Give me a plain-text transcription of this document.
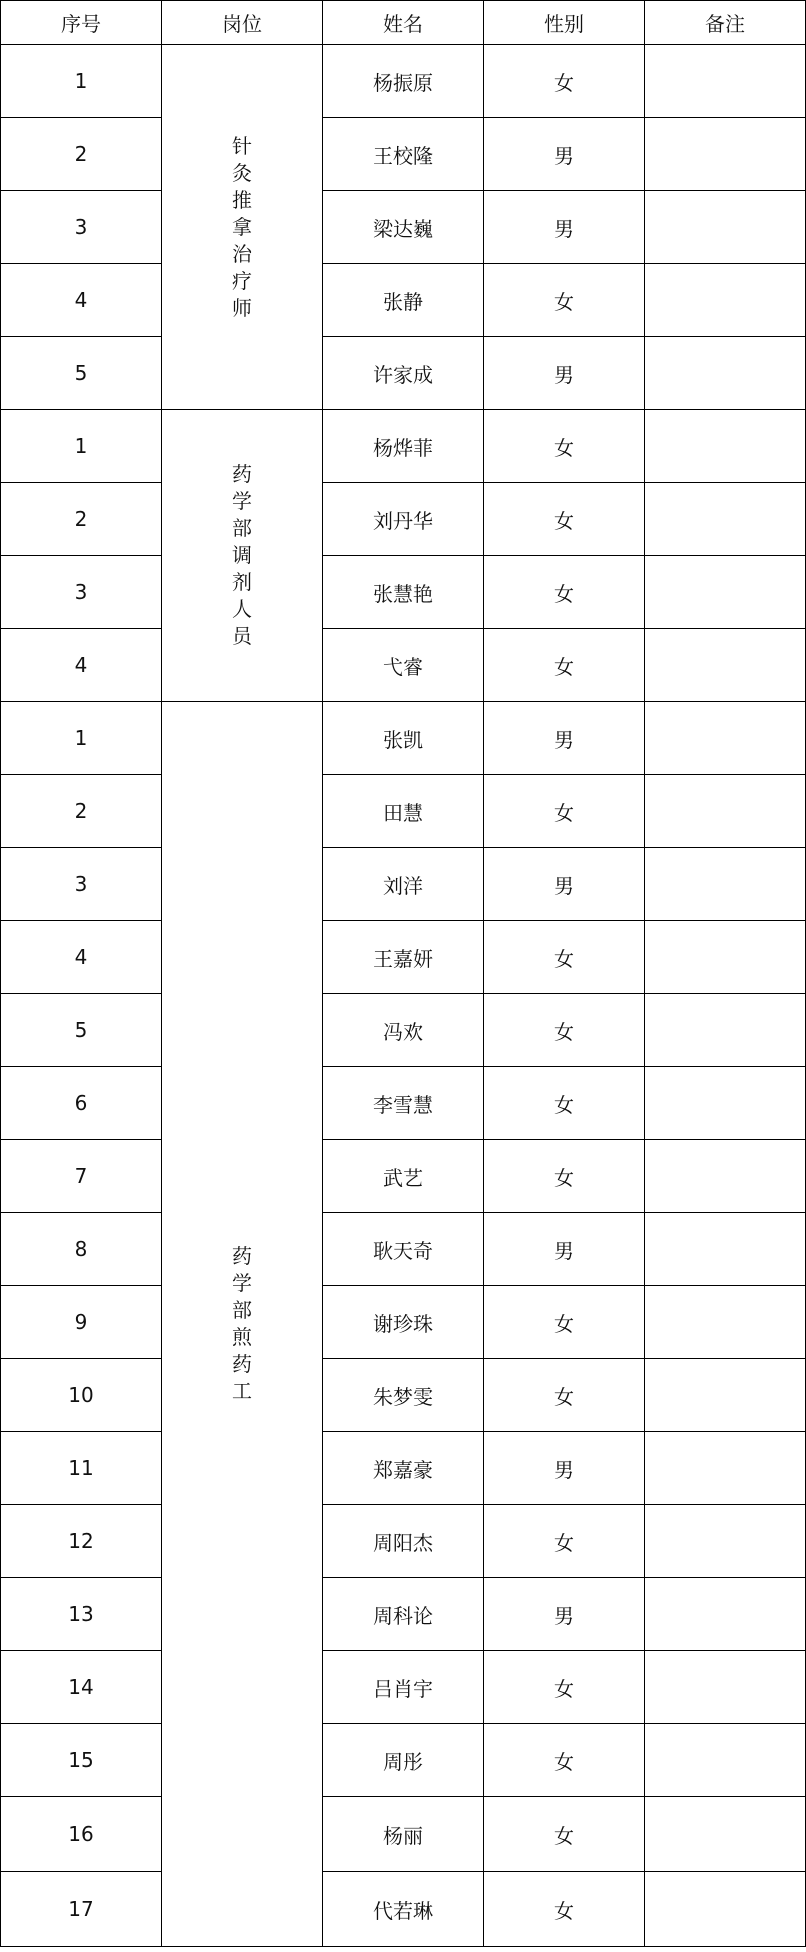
序号	岗位	姓名	性别	备注
1	针灸推拿治疗师	杨振原	女	
2		王校隆	男	
3		梁达巍	男	
4		张静	女	
5		许家成	男	
1	药学部调剂人员	杨烨菲	女	
2		刘丹华	女	
3		张慧艳	女	
4		弋睿	女	
1	药学部煎药工	张凯	男	
2		田慧	女	
3		刘洋	男	
4		王嘉妍	女	
5		冯欢	女	
6		李雪慧	女	
7		武艺	女	
8		耿天奇	男	
9		谢珍珠	女	
10		朱梦雯	女	
11		郑嘉豪	男	
12		周阳杰	女	
13		周科论	男	
14		吕肖宇	女	
15		周彤	女	
16		杨丽	女	
17		代若琳	女	
